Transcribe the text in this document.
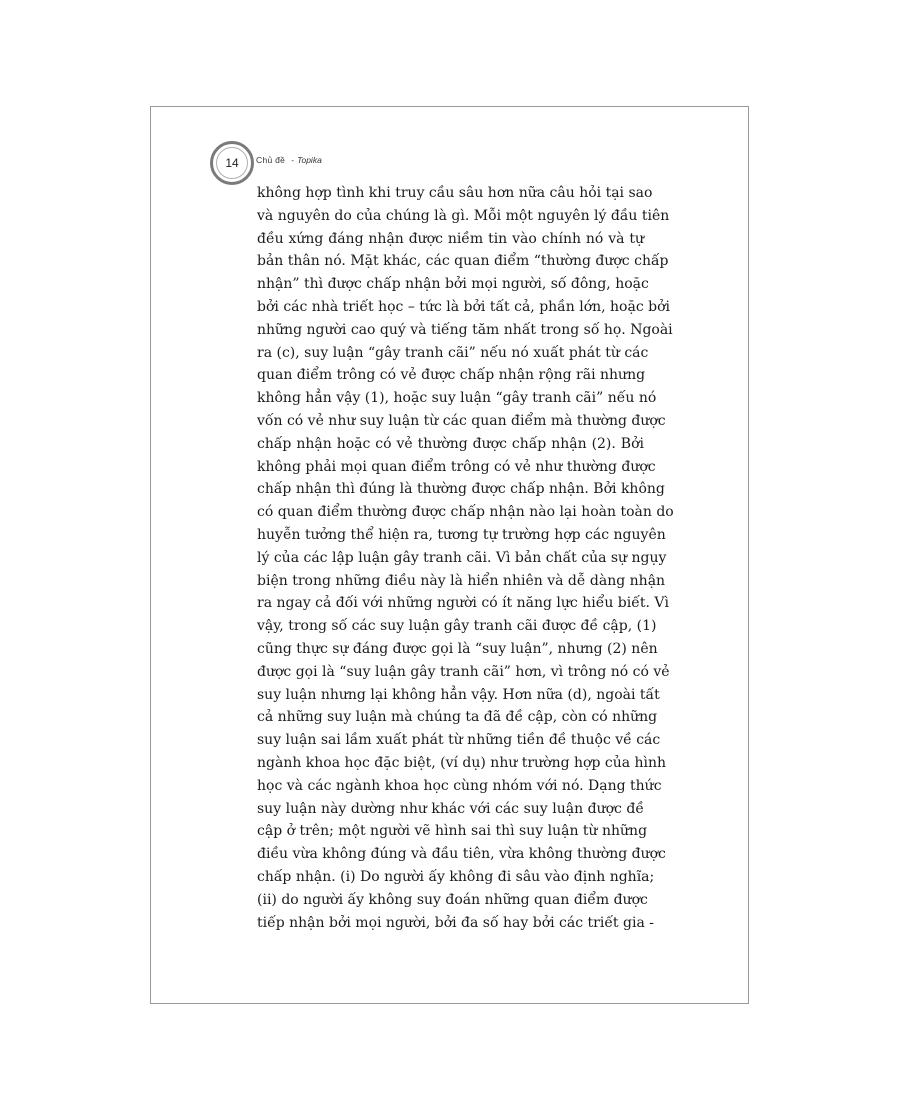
14 Chủ đề - Topika
không hợp tình khi truy cầu sâu hơn nữa câu hỏi tại sao
và nguyên do của chúng là gì. Mỗi một nguyên lý đầu tiên
đều xứng đáng nhận được niềm tin vào chính nó và tự
bản thân nó. Mặt khác, các quan điểm “thường được chấp
nhận” thì được chấp nhận bởi mọi người, số đông, hoặc
bởi các nhà triết học – tức là bởi tất cả, phần lớn, hoặc bởi
những người cao quý và tiếng tăm nhất trong số họ. Ngoài
ra (c), suy luận “gây tranh cãi” nếu nó xuất phát từ các
quan điểm trông có vẻ được chấp nhận rộng rãi nhưng
không hẳn vậy (1), hoặc suy luận “gây tranh cãi” nếu nó
vốn có vẻ như suy luận từ các quan điểm mà thường được
chấp nhận hoặc có vẻ thường được chấp nhận (2). Bởi
không phải mọi quan điểm trông có vẻ như thường được
chấp nhận thì đúng là thường được chấp nhận. Bởi không
có quan điểm thường được chấp nhận nào lại hoàn toàn do
huyễn tưởng thể hiện ra, tương tự trường hợp các nguyên
lý của các lập luận gây tranh cãi. Vì bản chất của sự ngụy
biện trong những điều này là hiển nhiên và dễ dàng nhận
ra ngay cả đối với những người có ít năng lực hiểu biết. Vì
vậy, trong số các suy luận gây tranh cãi được đề cập, (1)
cũng thực sự đáng được gọi là “suy luận”, nhưng (2) nên
được gọi là “suy luận gây tranh cãi” hơn, vì trông nó có vẻ
suy luận nhưng lại không hẳn vậy. Hơn nữa (d), ngoài tất
cả những suy luận mà chúng ta đã đề cập, còn có những
suy luận sai lầm xuất phát từ những tiền đề thuộc về các
ngành khoa học đặc biệt, (ví dụ) như trường hợp của hình
học và các ngành khoa học cùng nhóm với nó. Dạng thức
suy luận này dường như khác với các suy luận được đề
cập ở trên; một người vẽ hình sai thì suy luận từ những
điều vừa không đúng và đầu tiên, vừa không thường được
chấp nhận. (i) Do người ấy không đi sâu vào định nghĩa;
(ii) do người ấy không suy đoán những quan điểm được
tiếp nhận bởi mọi người, bởi đa số hay bởi các triết gia -
